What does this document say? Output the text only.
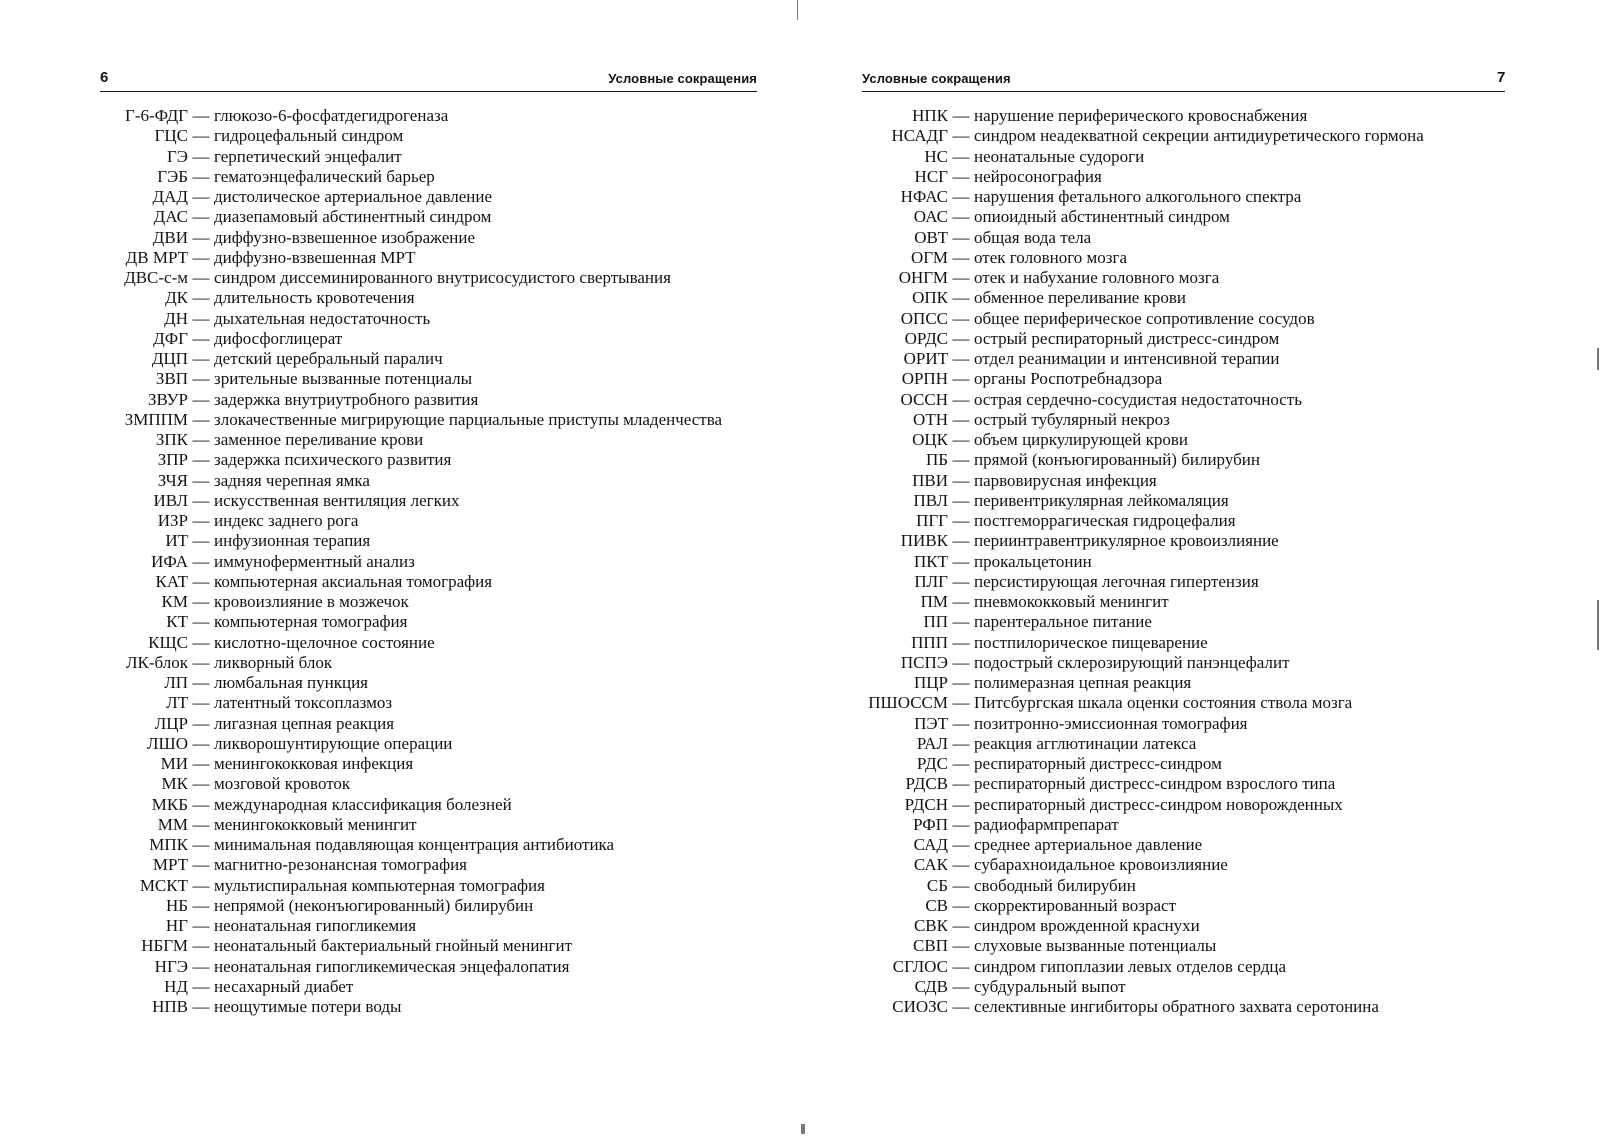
6	Условные сокращения
Г-6-ФДГ — глюкозо-6-фосфатдегидрогеназа
ГЦС — гидроцефальный синдром
ГЭ — герпетический энцефалит
ГЭБ — гематоэнцефалический барьер
ДАД — дистолическое артериальное давление
ДАС — диазепамовый абстинентный синдром
ДВИ — диффузно-взвешенное изображение
ДВ МРТ — диффузно-взвешенная МРТ
ДВС-с-м — синдром диссеминированного внутрисосудистого свертывания
ДК — длительность кровотечения
ДН — дыхательная недостаточность
ДФГ — дифосфоглицерат
ДЦП — детский церебральный паралич
ЗВП — зрительные вызванные потенциалы
ЗВУР — задержка внутриутробного развития
ЗМППМ — злокачественные мигрирующие парциальные приступы младенчества
ЗПК — заменное переливание крови
ЗПР — задержка психического развития
ЗЧЯ — задняя черепная ямка
ИВЛ — искусственная вентиляция легких
ИЗР — индекс заднего рога
ИТ — инфузионная терапия
ИФА — иммуноферментный анализ
КАТ — компьютерная аксиальная томография
КМ — кровоизлияние в мозжечок
КТ — компьютерная томография
КЩС — кислотно-щелочное состояние
ЛК-блок — ликворный блок
ЛП — люмбальная пункция
ЛТ — латентный токсоплазмоз
ЛЦР — лигазная цепная реакция
ЛШО — ликворошунтирующие операции
МИ — менингококковая инфекция
МК — мозговой кровоток
МКБ — международная классификация болезней
ММ — менингококковый менингит
МПК — минимальная подавляющая концентрация антибиотика
МРТ — магнитно-резонансная томография
МСКТ — мультиспиральная компьютерная томография
НБ — непрямой (неконъюгированный) билирубин
НГ — неонатальная гипогликемия
НБГМ — неонатальный бактериальный гнойный менингит
НГЭ — неонатальная гипогликемическая энцефалопатия
НД — несахарный диабет
НПВ — неощутимые потери воды
Условные сокращения	7
НПК — нарушение периферического кровоснабжения
НСАДГ — синдром неадекватной секреции антидиуретического гормона
НС — неонатальные судороги
НСГ — нейросонография
НФАС — нарушения фетального алкогольного спектра
ОАС — опиоидный абстинентный синдром
ОВТ — общая вода тела
ОГМ — отек головного мозга
ОНГМ — отек и набухание головного мозга
ОПК — обменное переливание крови
ОПСС — общее периферическое сопротивление сосудов
ОРДС — острый респираторный дистресс-синдром
ОРИТ — отдел реанимации и интенсивной терапии
ОРПН — органы Роспотребнадзора
ОССН — острая сердечно-сосудистая недостаточность
ОТН — острый тубулярный некроз
ОЦК — объем циркулирующей крови
ПБ — прямой (конъюгированный) билирубин
ПВИ — парвовирусная инфекция
ПВЛ — перивентрикулярная лейкомаляция
ПГГ — постгеморрагическая гидроцефалия
ПИВК — периинтравентрикулярное кровоизлияние
ПКТ — прокальцетонин
ПЛГ — персистирующая легочная гипертензия
ПМ — пневмококковый менингит
ПП — парентеральное питание
ППП — постпилорическое пищеварение
ПСПЭ — подострый склерозирующий панэнцефалит
ПЦР — полимеразная цепная реакция
ПШОССМ — Питсбургская шкала оценки состояния ствола мозга
ПЭТ — позитронно-эмиссионная томография
РАЛ — реакция агглютинации латекса
РДС — респираторный дистресс-синдром
РДСВ — респираторный дистресс-синдром взрослого типа
РДСН — респираторный дистресс-синдром новорожденных
РФП — радиофармпрепарат
САД — среднее артериальное давление
САК — субарахноидальное кровоизлияние
СБ — свободный билирубин
СВ — скорректированный возраст
СВК — синдром врожденной краснухи
СВП — слуховые вызванные потенциалы
СГЛОС — синдром гипоплазии левых отделов сердца
СДВ — субдуральный выпот
СИОЗС — селективные ингибиторы обратного захвата серотонина
